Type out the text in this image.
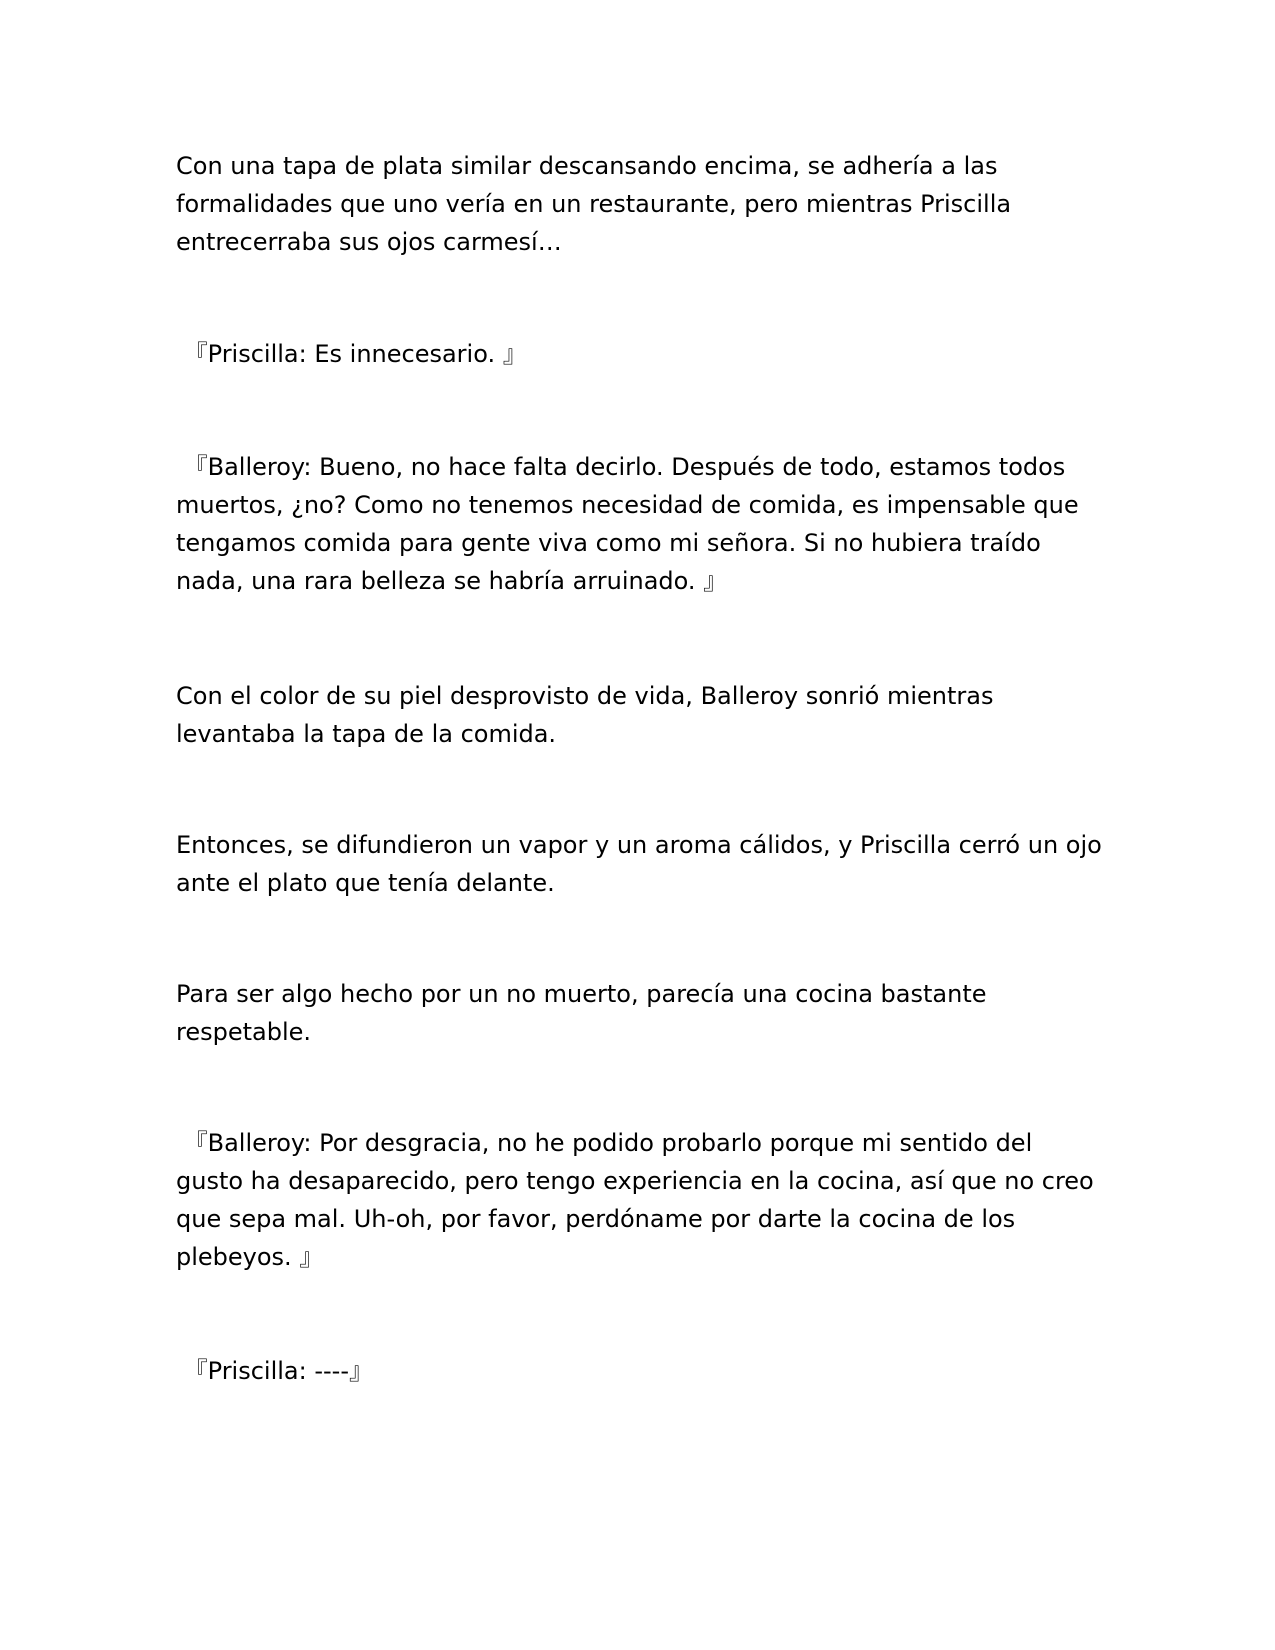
Con una tapa de plata similar descansando encima, se adhería a las formalidades que uno vería en un restaurante, pero mientras Priscilla entrecerraba sus ojos carmesí…

『Priscilla: Es innecesario. 』

『Balleroy: Bueno, no hace falta decirlo. Después de todo, estamos todos muertos, ¿no? Como no tenemos necesidad de comida, es impensable que tengamos comida para gente viva como mi señora. Si no hubiera traído nada, una rara belleza se habría arruinado. 』

Con el color de su piel desprovisto de vida, Balleroy sonrió mientras levantaba la tapa de la comida.

Entonces, se difundieron un vapor y un aroma cálidos, y Priscilla cerró un ojo ante el plato que tenía delante.

Para ser algo hecho por un no muerto, parecía una cocina bastante respetable.

『Balleroy: Por desgracia, no he podido probarlo porque mi sentido del gusto ha desaparecido, pero tengo experiencia en la cocina, así que no creo que sepa mal. Uh-oh, por favor, perdóname por darte la cocina de los plebeyos. 』

『Priscilla: ----』
